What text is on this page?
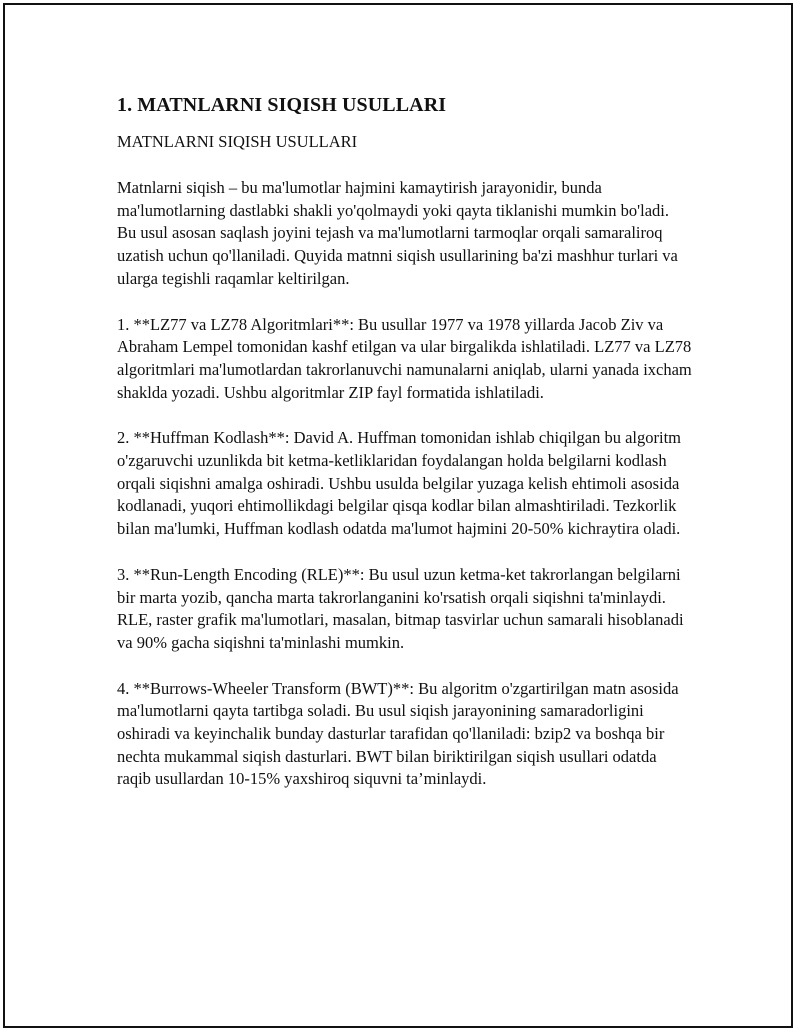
1. MATNLARNI SIQISH USULLARI
MATNLARNI SIQISH USULLARI

Matnlarni siqish – bu ma'lumotlar hajmini kamaytirish jarayonidir, bunda ma'lumotlarning dastlabki shakli yo'qolmaydi yoki qayta tiklanishi mumkin bo'ladi. Bu usul asosan saqlash joyini tejash va ma'lumotlarni tarmoqlar orqali samaraliroq uzatish uchun qo'llaniladi. Quyida matnni siqish usullarining ba'zi mashhur turlari va ularga tegishli raqamlar keltirilgan.

1. **LZ77 va LZ78 Algoritmlari**: Bu usullar 1977 va 1978 yillarda Jacob Ziv va Abraham Lempel tomonidan kashf etilgan va ular birgalikda ishlatiladi. LZ77 va LZ78 algoritmlari ma'lumotlardan takrorlanuvchi namunalarni aniqlab, ularni yanada ixcham shaklda yozadi. Ushbu algoritmlar ZIP fayl formatida ishlatiladi.

2. **Huffman Kodlash**: David A. Huffman tomonidan ishlab chiqilgan bu algoritm o'zgaruvchi uzunlikda bit ketma-ketliklaridan foydalangan holda belgilarni kodlash orqali siqishni amalga oshiradi. Ushbu usulda belgilar yuzaga kelish ehtimoli asosida kodlanadi, yuqori ehtimollikdagi belgilar qisqa kodlar bilan almashtiriladi. Tezkorlik bilan ma'lumki, Huffman kodlash odatda ma'lumot hajmini 20-50% kichraytira oladi.

3. **Run-Length Encoding (RLE)**: Bu usul uzun ketma-ket takrorlangan belgilarni bir marta yozib, qancha marta takrorlanganini ko'rsatish orqali siqishni ta'minlaydi. RLE, raster grafik ma'lumotlari, masalan, bitmap tasvirlar uchun samarali hisoblanadi va 90% gacha siqishni ta'minlashi mumkin.

4. **Burrows-Wheeler Transform (BWT)**: Bu algoritm o'zgartirilgan matn asosida ma'lumotlarni qayta tartibga soladi. Bu usul siqish jarayonining samaradorligini oshiradi va keyinchalik bunday dasturlar tarafidan qo'llaniladi: bzip2 va boshqa bir nechta mukammal siqish dasturlari. BWT bilan biriktirilgan siqish usullari odatda raqib usullardan 10-15% yaxshiroq siquvni ta’minlaydi.
